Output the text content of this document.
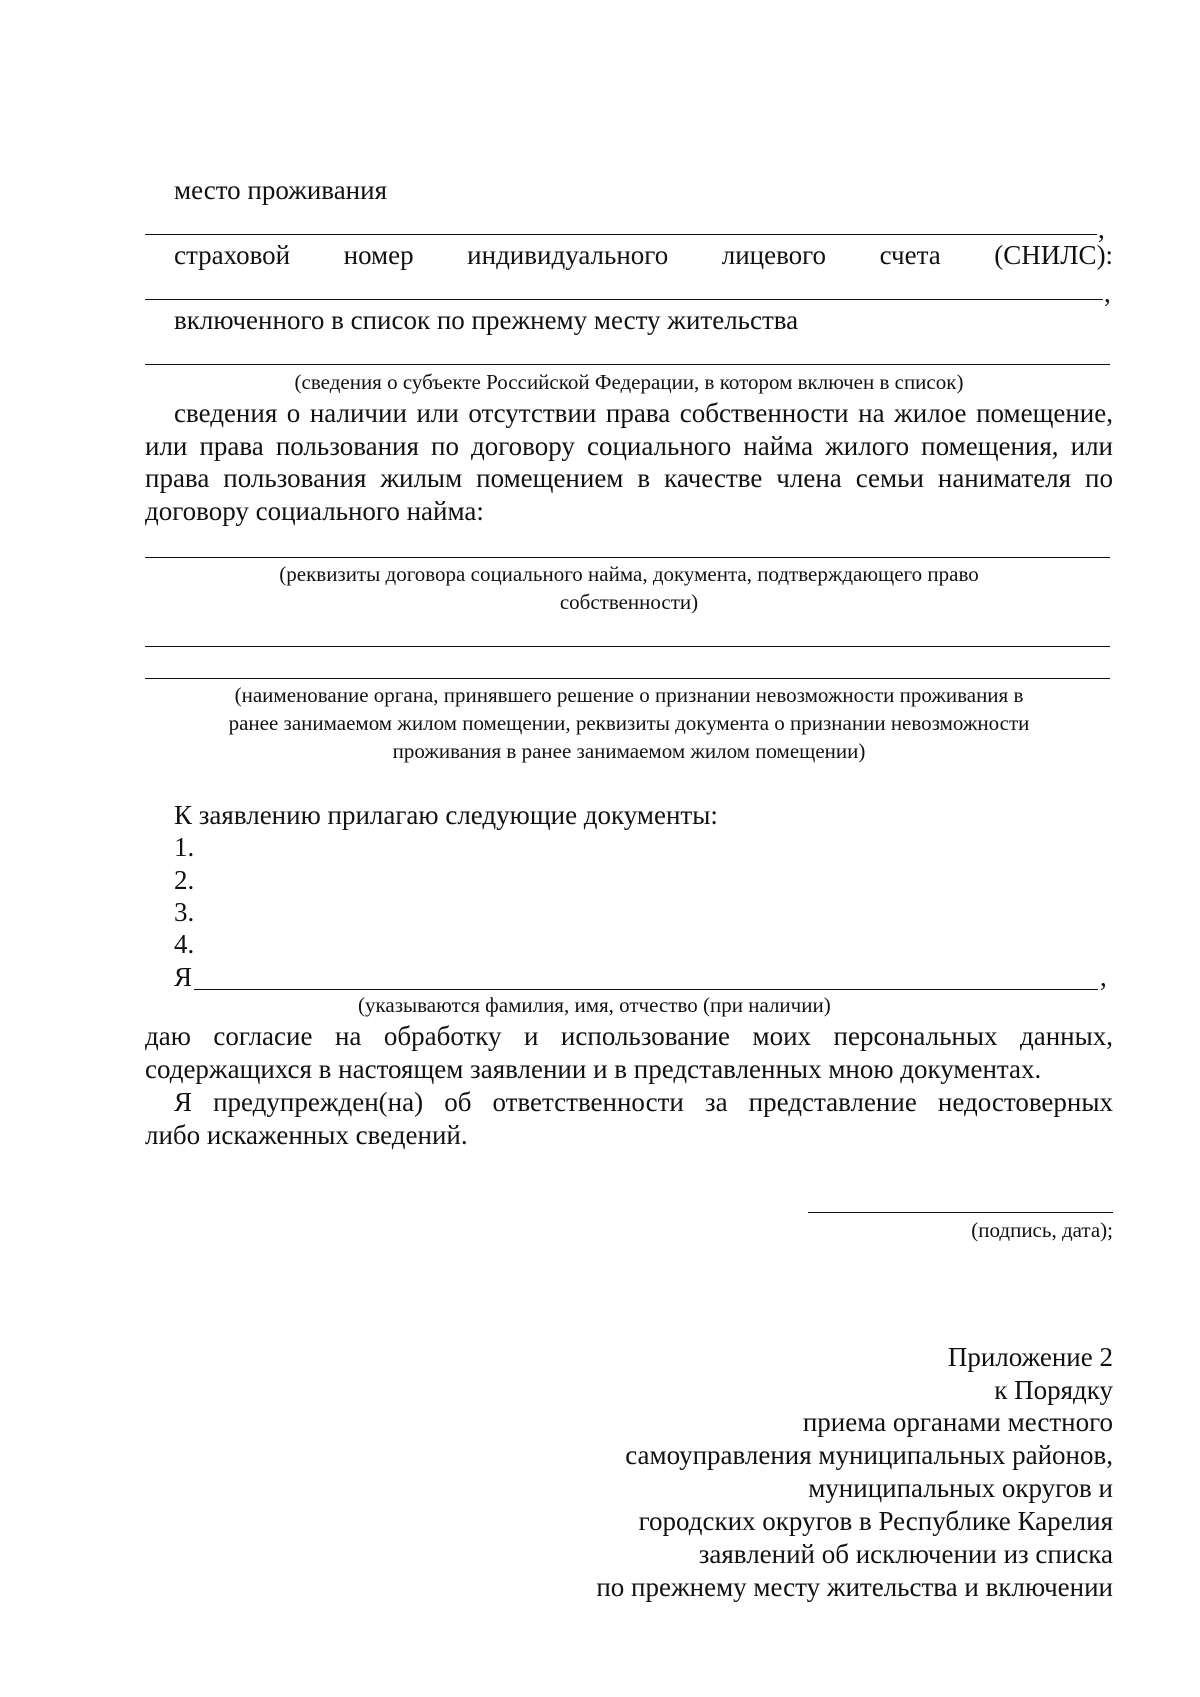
место проживания
,
страховой номер индивидуального лицевого счета (СНИЛС):
,
включенного в список по прежнему месту жительства
(сведения о субъекте Российской Федерации, в котором включен в список)
сведения о наличии или отсутствии права собственности на жилое помещение,
или права пользования по договору социального найма жилого помещения, или
права пользования жилым помещением в качестве члена семьи нанимателя по
договору социального найма:
(реквизиты договора социального найма, документа, подтверждающего право
собственности)
(наименование органа, принявшего решение о признании невозможности проживания в
ранее занимаемом жилом помещении, реквизиты документа о признании невозможности
проживания в ранее занимаемом жилом помещении)
К заявлению прилагаю следующие документы:
1.
2.
3.
4.
Я	,
(указываются фамилия, имя, отчество (при наличии)
даю согласие на обработку и использование моих персональных данных,
содержащихся в настоящем заявлении и в представленных мною документах.
Я предупрежден(на) об ответственности за представление недостоверных
либо искаженных сведений.
(подпись, дата);
Приложение 2
к Порядку
приема органами местного
самоуправления муниципальных районов,
муниципальных округов и
городских округов в Республике Карелия
заявлений об исключении из списка
по прежнему месту жительства и включении
